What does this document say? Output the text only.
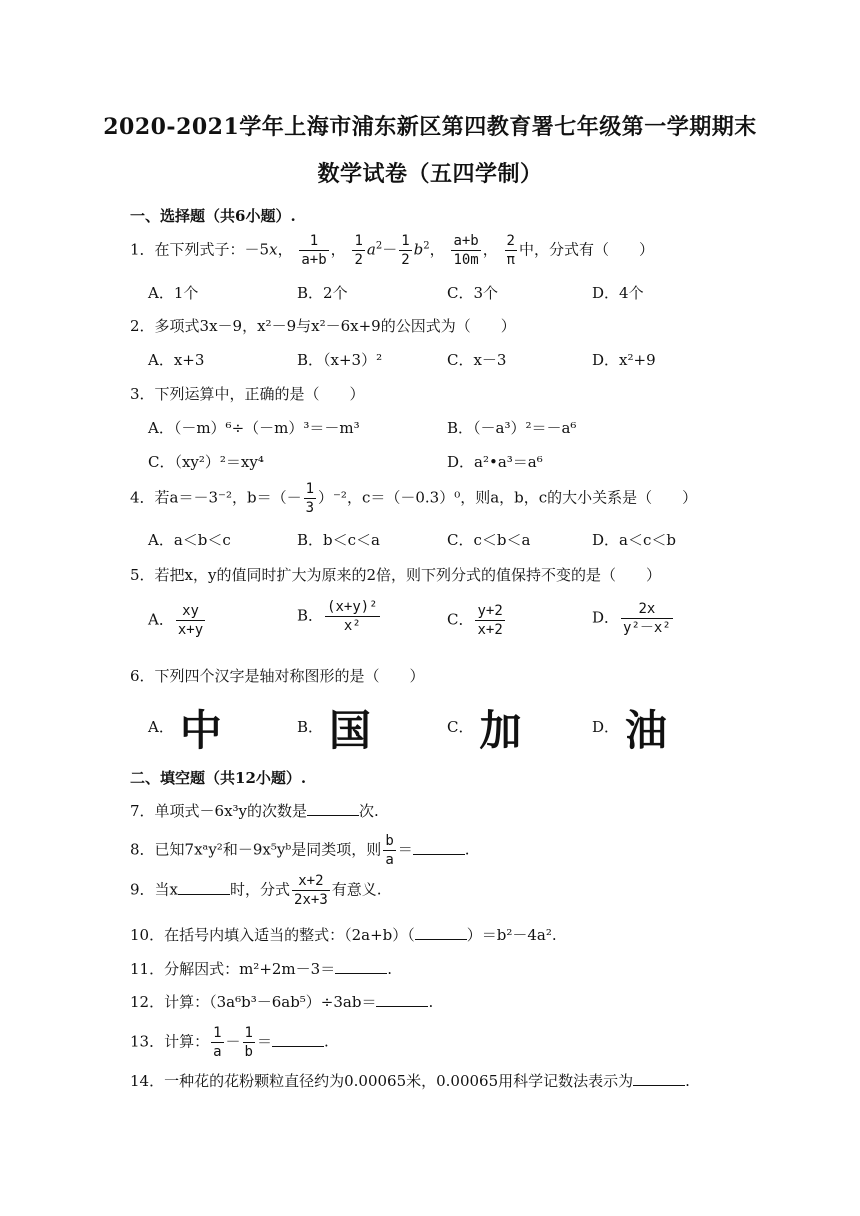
2020-2021学年上海市浦东新区第四教育署七年级第一学期期末
数学试卷（五四学制）
一、选择题（共6小题）.
1．在下列式子：－5x， $\frac{1}{a+b}$ ， $\frac{1}{2} a^2- \frac{1}{2} b^2$， $\frac{a+b}{10m}$ ， $\frac{2}{\pi}$ 中，分式有（　　）
A．1个	B．2个	C．3个	D．4个
2．多项式3x－9，x²－9与x²－6x+9的公因式为（　　）
A．x+3	B．（x+3）²	C．x－3	D．x²+9
3．下列运算中，正确的是（　　）
A．（－m）⁶÷（－m）³＝－m³	B．（－a³）²＝－a⁶
C．（xy²）²＝xy⁴	D．a²•a³＝a⁶
4．若a＝－3⁻²，$b=(- \frac{1}{3} )^{-2}$，c＝（－0.3）⁰，则a，b，c的大小关系是（　　）
A．a＜b＜c	B．b＜c＜a	C．c＜b＜a	D．a＜c＜b
5．若把x，y的值同时扩大为原来的2倍，则下列分式的值保持不变的是（　　）
A． $\frac{xy}{x+y}$	B． $\frac{\text{(x+y)²}}{\text{x²}}$	C． $\frac{y+2}{x+2}$	D． $\frac{2x}{\text{y²－x²}}$
6．下列四个汉字是轴对称图形的是（　　）
A． 中	B． 国	C． 加	D． 油
二、填空题（共12小题）.
7．单项式－6x³y的次数是	次.
8．已知7xᵃy²和－9x⁵yᵇ是同类项，则 $\frac{b}{a}$ ＝	.
9．当x	时，分式 $\frac{x+2}{2x+3}$ 有意义.
10．在括号内填入适当的整式：（2a+b）（	）＝b²－4a².
11．分解因式：m²+2m－3＝	.
12．计算：（3a⁶b³－6ab⁵）÷3ab＝	.
13．计算： $\frac{1}{a} - \frac{1}{b}$ ＝	.
14．一种花的花粉颗粒直径约为0.00065米，0.00065用科学记数法表示为	.
